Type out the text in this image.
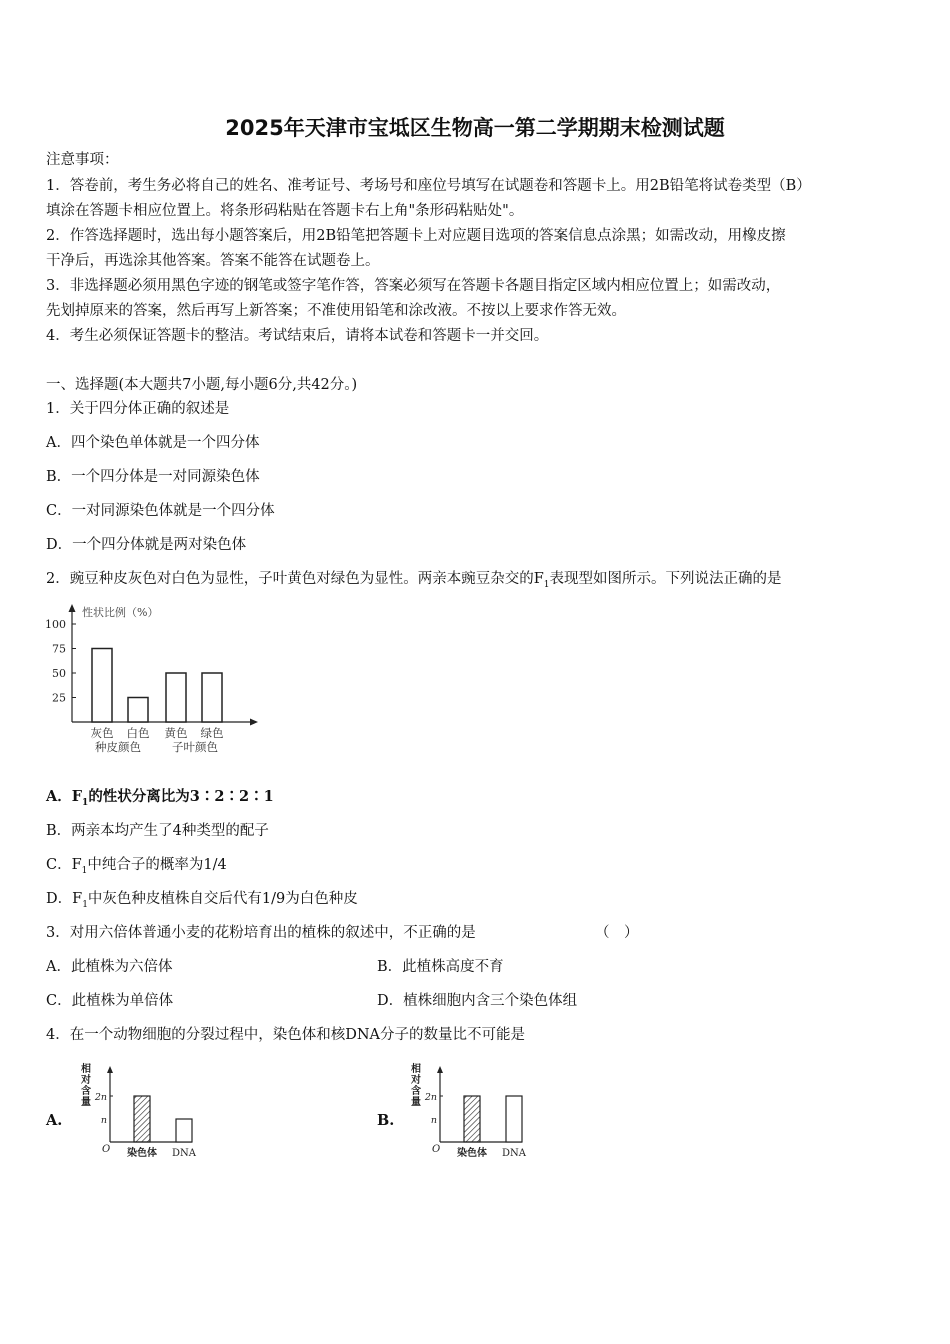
2025年天津市宝坻区生物高一第二学期期末检测试题
注意事项：
1．答卷前，考生务必将自己的姓名、准考证号、考场号和座位号填写在试题卷和答题卡上。用2B铅笔将试卷类型（B）
填涂在答题卡相应位置上。将条形码粘贴在答题卡右上角"条形码粘贴处"。
2．作答选择题时，选出每小题答案后，用2B铅笔把答题卡上对应题目选项的答案信息点涂黑；如需改动，用橡皮擦
干净后，再选涂其他答案。答案不能答在试题卷上。
3．非选择题必须用黑色字迹的钢笔或签字笔作答，答案必须写在答题卡各题目指定区域内相应位置上；如需改动，
先划掉原来的答案，然后再写上新答案；不准使用铅笔和涂改液。不按以上要求作答无效。
4．考生必须保证答题卡的整洁。考试结束后，请将本试卷和答题卡一并交回。
一、选择题(本大题共7小题,每小题6分,共42分。)
1．关于四分体正确的叙述是
A．四个染色单体就是一个四分体
B．一个四分体是一对同源染色体
C．一对同源染色体就是一个四分体
D．一个四分体就是两对染色体
2．豌豆种皮灰色对白色为显性，子叶黄色对绿色为显性。两亲本豌豆杂交的$F_1$表现型如图所示。下列说法正确的是
性状比例（%）
100
75
50
25
灰色 白色 黄色 绿色
种皮颜色	子叶颜色
A．$F_1$的性状分离比为3∶2∶2∶1
B．两亲本均产生了4种类型的配子
C．$F_1$中纯合子的概率为1/4
D．$F_1$中灰色种皮植株自交后代有1/9为白色种皮
3．对用六倍体普通小麦的花粉培育出的植株的叙述中，不正确的是	（　）
A．此植株为六倍体	B．此植株高度不育
C．此植株为单倍体	D．植株细胞内含三个染色体组
4．在一个动物细胞的分裂过程中，染色体和核DNA分子的数量比不可能是
A.	B.
相对含量 2n
n
O 染色体 DNA
相对含量 2n
n
O 染色体 DNA
